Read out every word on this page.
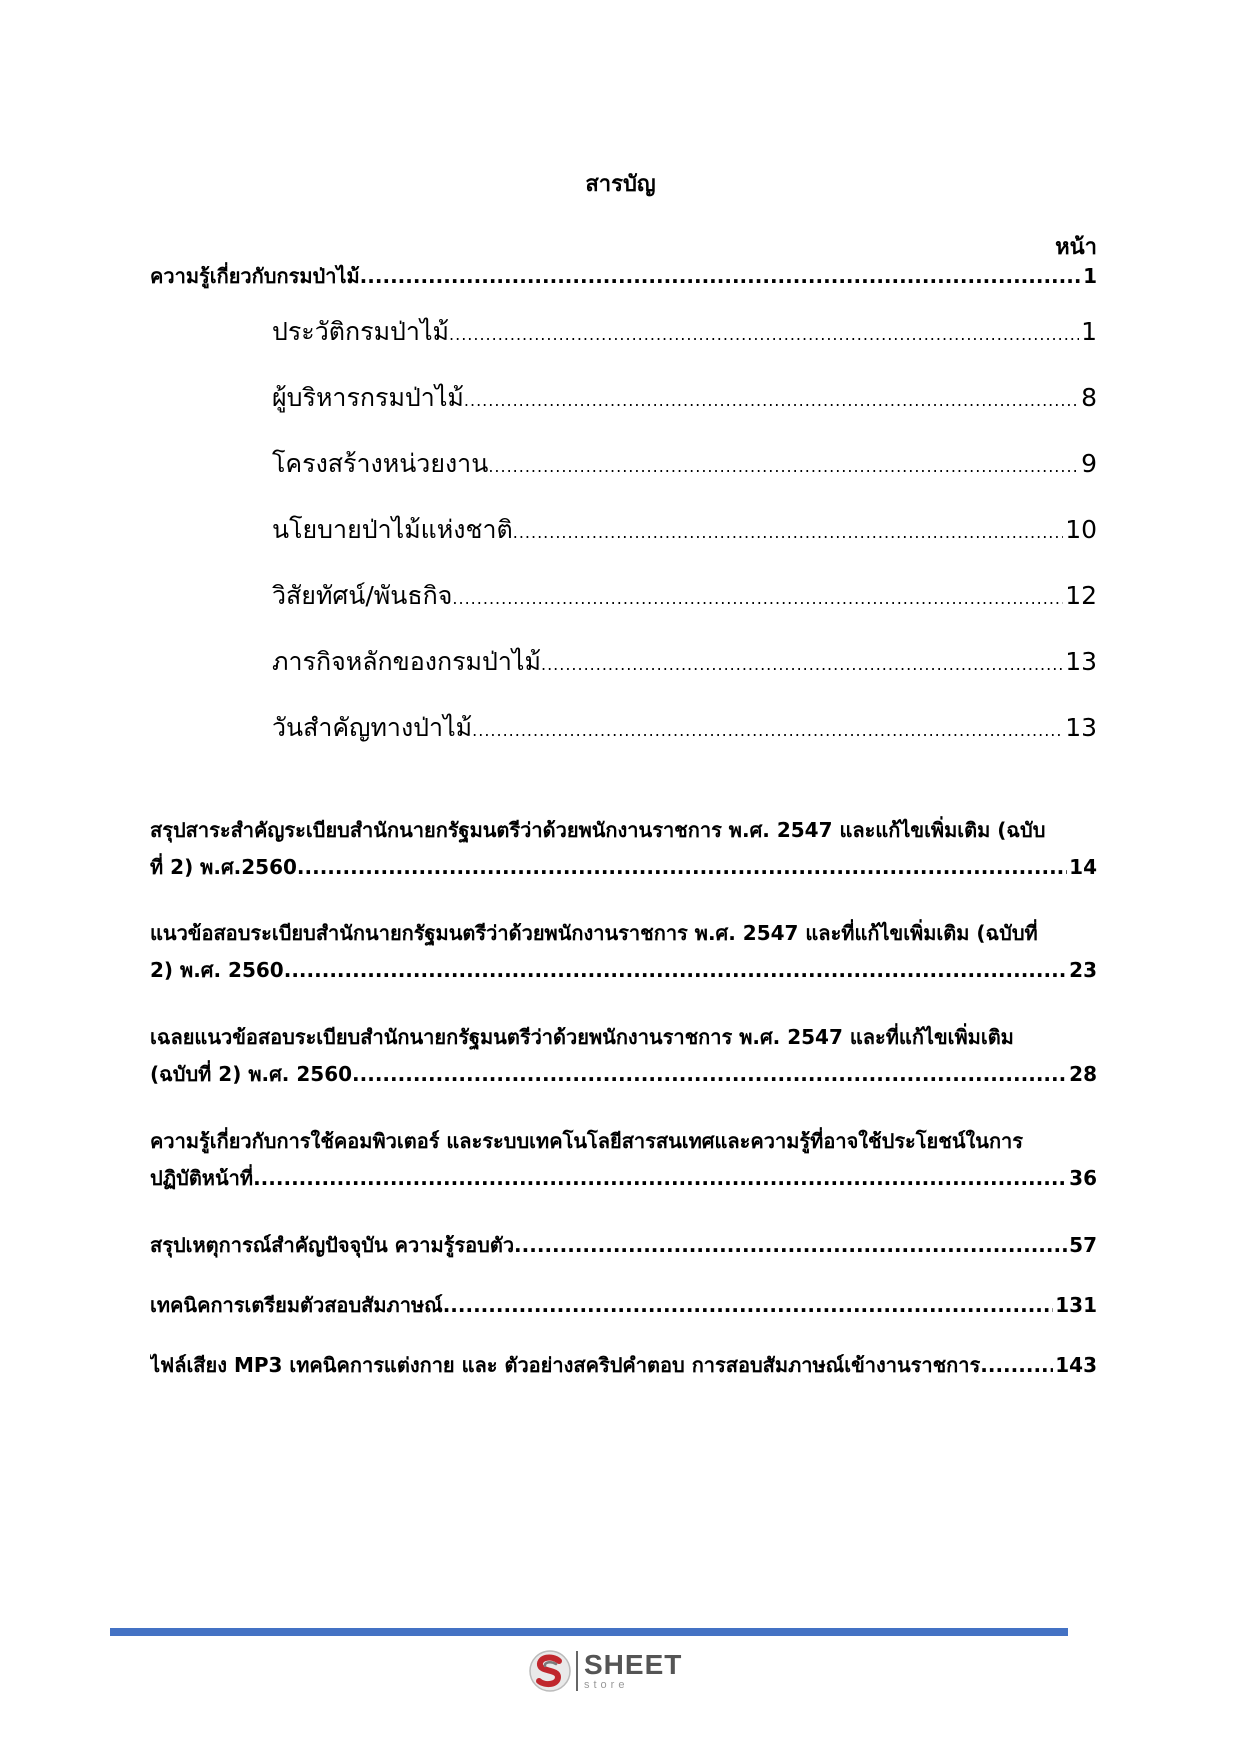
สารบัญ
หน้า
ความรู้เกี่ยวกับกรมป่าไม้ .....	1
ประวัติกรมป่าไม้ .....	1
ผู้บริหารกรมป่าไม้ .....	8
โครงสร้างหน่วยงาน .....	9
นโยบายป่าไม้แห่งชาติ .....	10
วิสัยทัศน์/พันธกิจ .....	12
ภารกิจหลักของกรมป่าไม้ .....	13
วันสำคัญทางป่าไม้ .....	13
สรุปสาระสำคัญระเบียบสำนักนายกรัฐมนตรีว่าด้วยพนักงานราชการ พ.ศ. 2547 และแก้ไขเพิ่มเติม (ฉบับ
ที่ 2) พ.ศ.2560 .....	14
แนวข้อสอบระเบียบสำนักนายกรัฐมนตรีว่าด้วยพนักงานราชการ พ.ศ. 2547 และที่แก้ไขเพิ่มเติม (ฉบับที่
2) พ.ศ. 2560 .....	23
เฉลยแนวข้อสอบระเบียบสำนักนายกรัฐมนตรีว่าด้วยพนักงานราชการ พ.ศ. 2547 และที่แก้ไขเพิ่มเติม
(ฉบับที่ 2) พ.ศ. 2560 .....	28
ความรู้เกี่ยวกับการใช้คอมพิวเตอร์ และระบบเทคโนโลยีสารสนเทศและความรู้ที่อาจใช้ประโยชน์ในการ
ปฏิบัติหน้าที่ .....	36
สรุปเหตุการณ์สำคัญปัจจุบัน ความรู้รอบตัว .....	57
เทคนิคการเตรียมตัวสอบสัมภาษณ์ .....	131
ไฟล์เสียง MP3 เทคนิคการแต่งกาย และ ตัวอย่างสคริปคำตอบ การสอบสัมภาษณ์เข้างานราชการ .....	143
SHEET
store
